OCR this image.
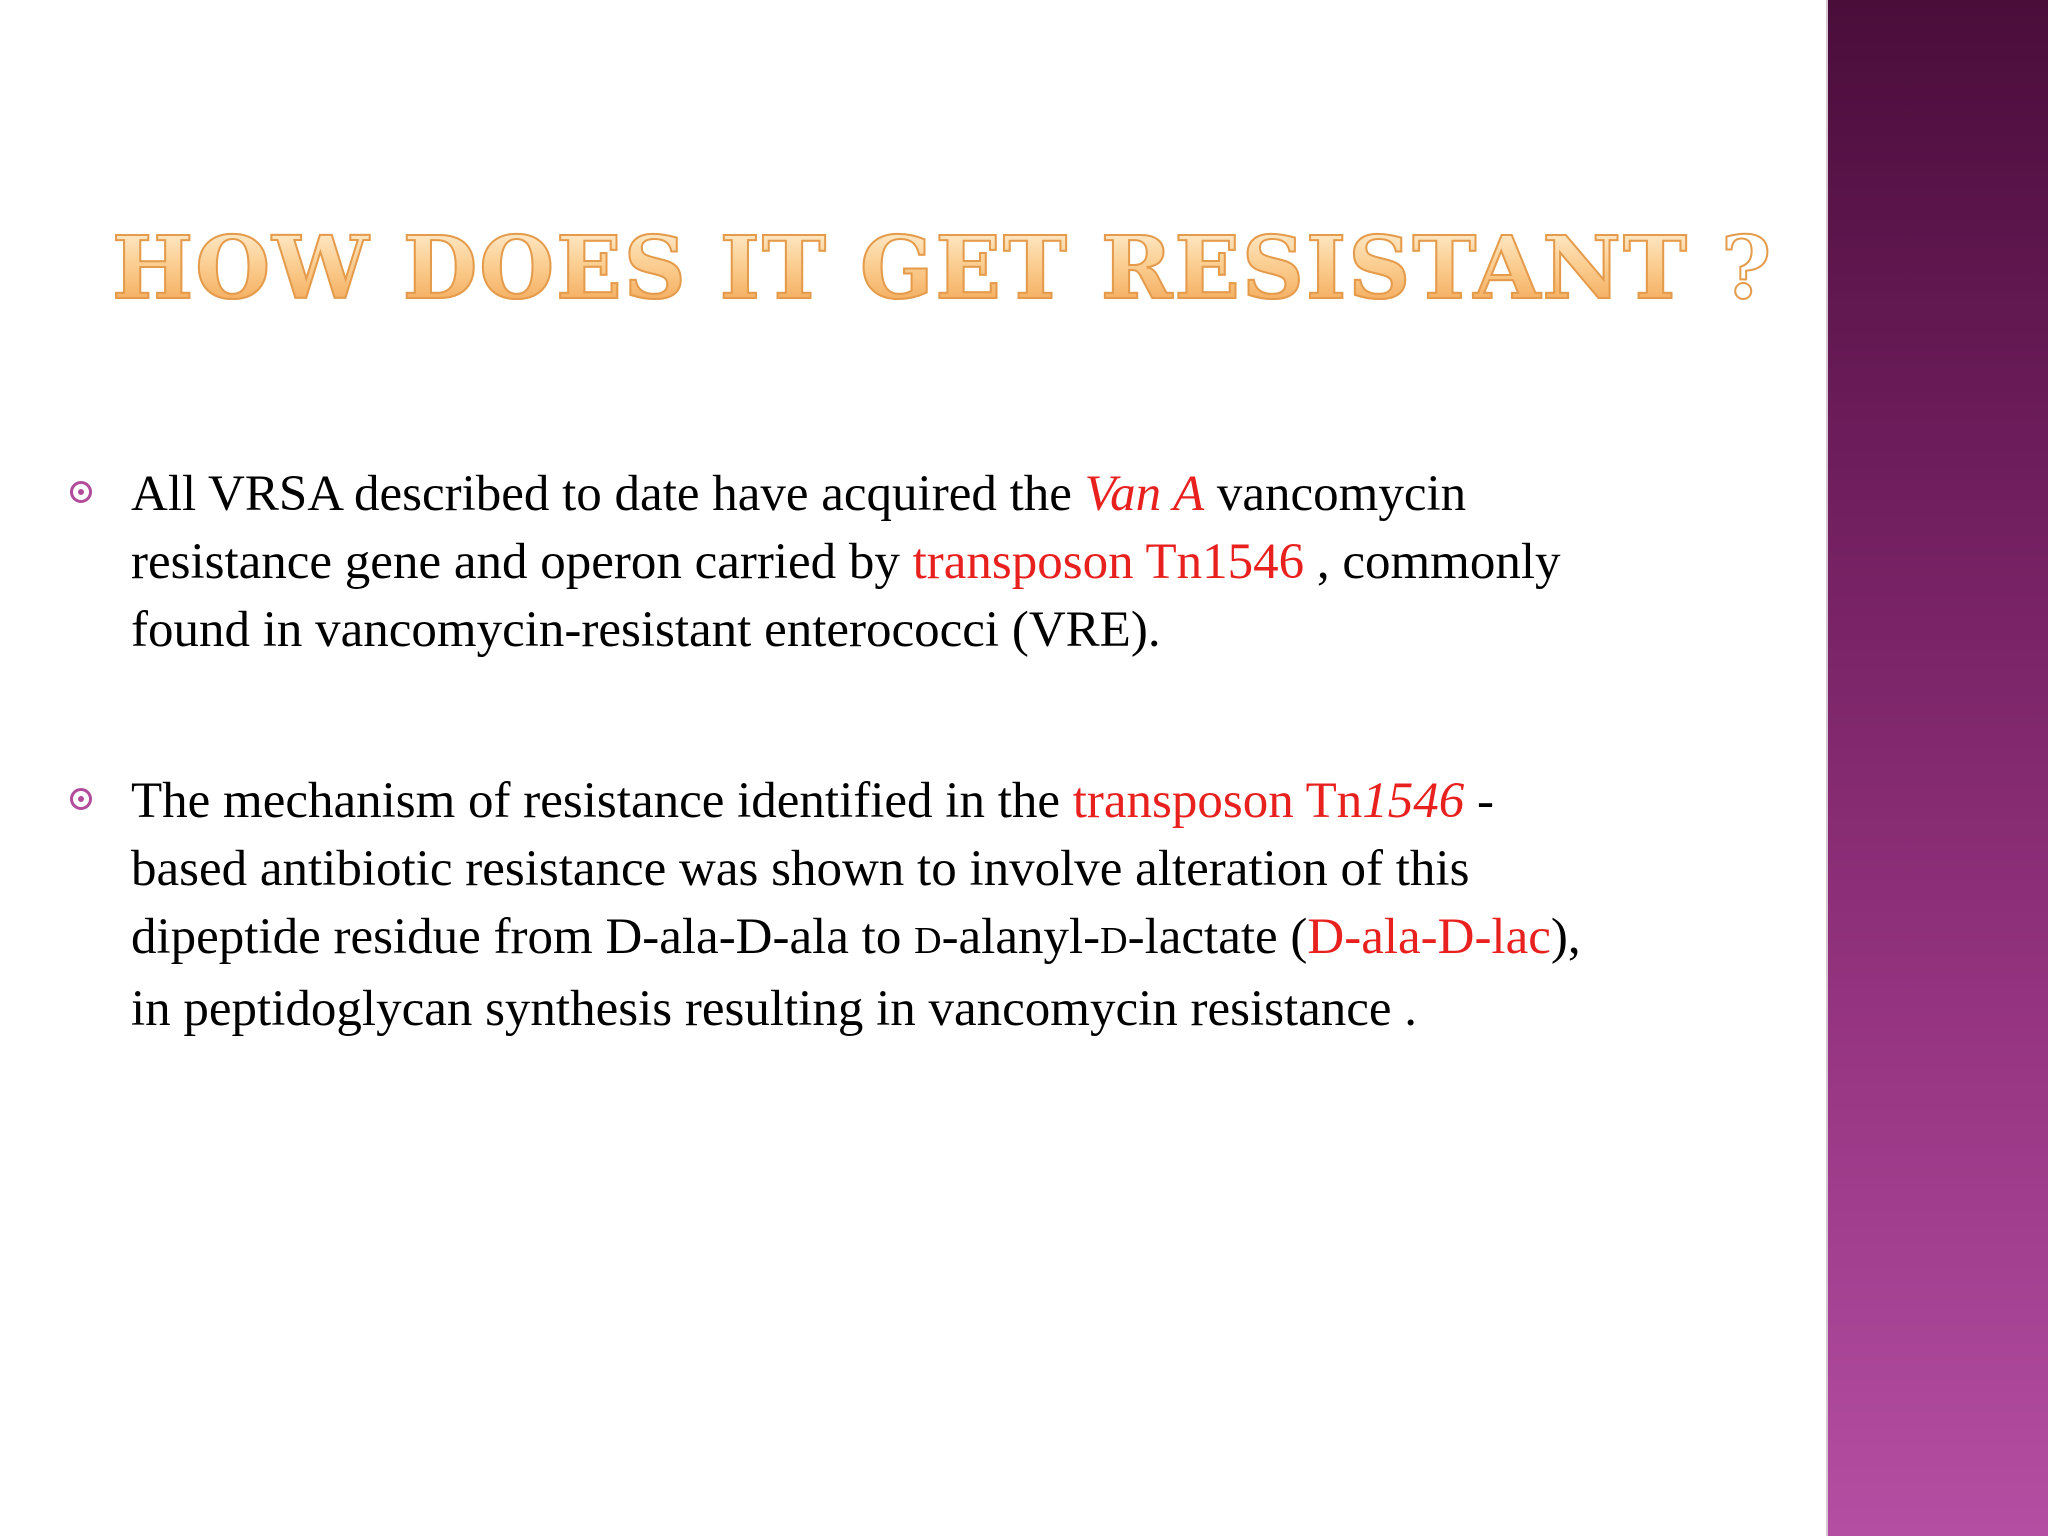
HOW DOES IT GET RESISTANT ?
All VRSA described to date have acquired the Van A vancomycin
resistance gene and operon carried by transposon Tn1546 , commonly
found in vancomycin-resistant enterococci (VRE).
The mechanism of resistance identified in the transposon Tn1546 -
based antibiotic resistance was shown to involve alteration of this
dipeptide residue from D-ala-D-ala to D-alanyl-D-lactate (D-ala-D-lac),
in peptidoglycan synthesis resulting in vancomycin resistance .
